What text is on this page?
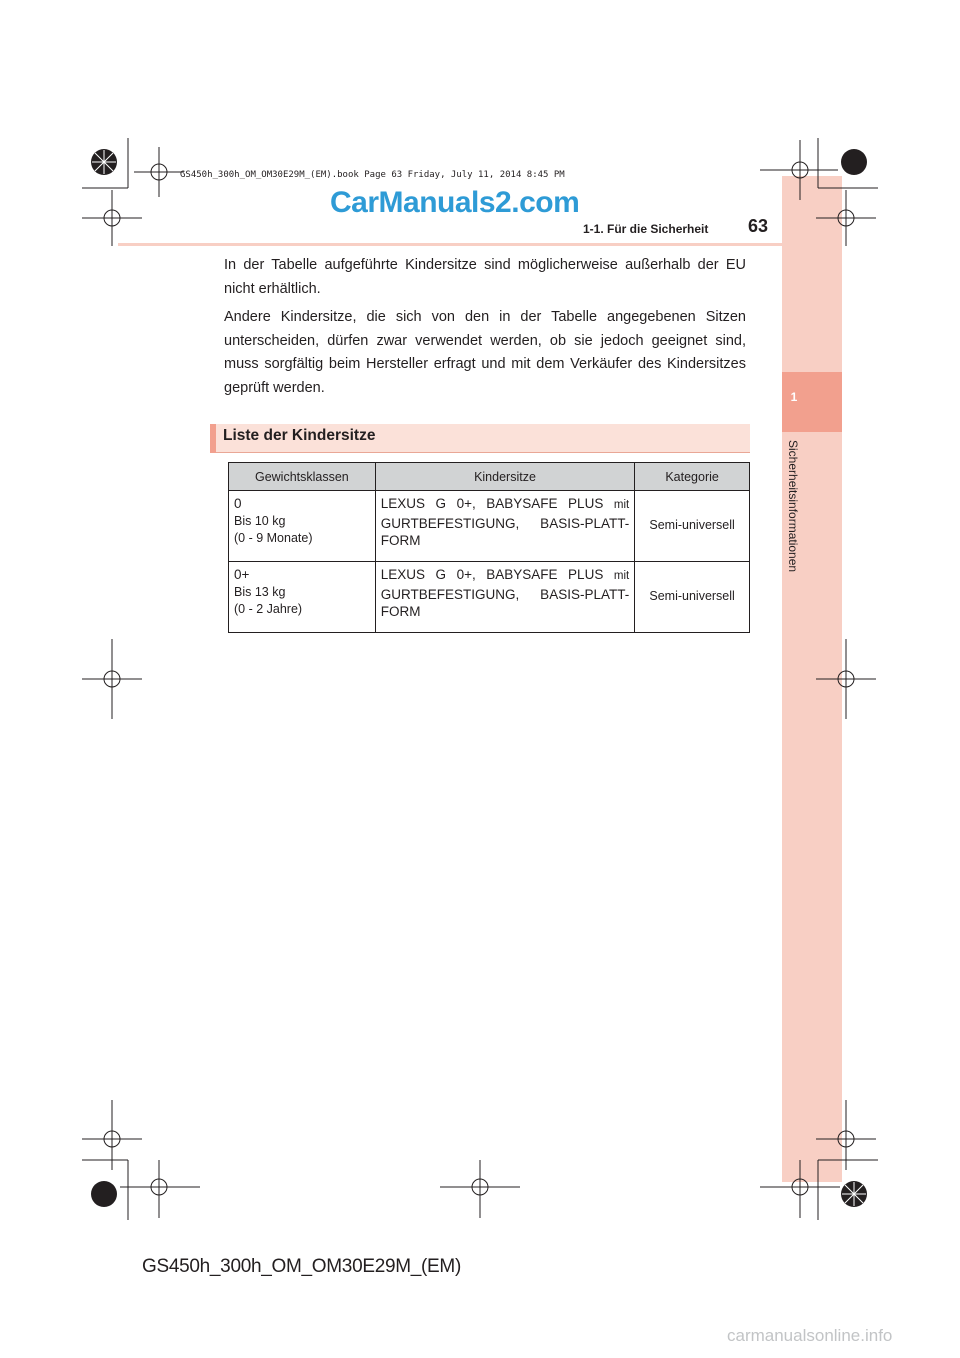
1
Sicherheitsinformationen
GS450h_300h_OM_OM30E29M_(EM).book Page 63 Friday, July 11, 2014 8:45 PM
CarManuals2.com
1-1. Für die Sicherheit 63

In der Tabelle aufgeführte Kindersitze sind möglicherweise außerhalb der EU nicht erhältlich.

Andere Kindersitze, die sich von den in der Tabelle angegebenen Sitzen unterscheiden, dürfen zwar verwendet werden, ob sie jedoch geeignet sind, muss sorgfältig beim Hersteller erfragt und mit dem Verkäufer des Kindersitzes geprüft werden.

Liste der Kindersitze
Gewichtsklassen	Kindersitze	Kategorie

0
Bis 10 kg
(0 - 9 Monate)	LEXUS G 0+, BABYSAFE PLUS mit GURTBEFESTIGUNG, BASIS-PLATT-FORM	Semi-universell

0+
Bis 13 kg
(0 - 2 Jahre)	LEXUS G 0+, BABYSAFE PLUS mit GURTBEFESTIGUNG, BASIS-PLATT-FORM	Semi-universell
GS450h_300h_OM_OM30E29M_(EM)
carmanualsonline.info
